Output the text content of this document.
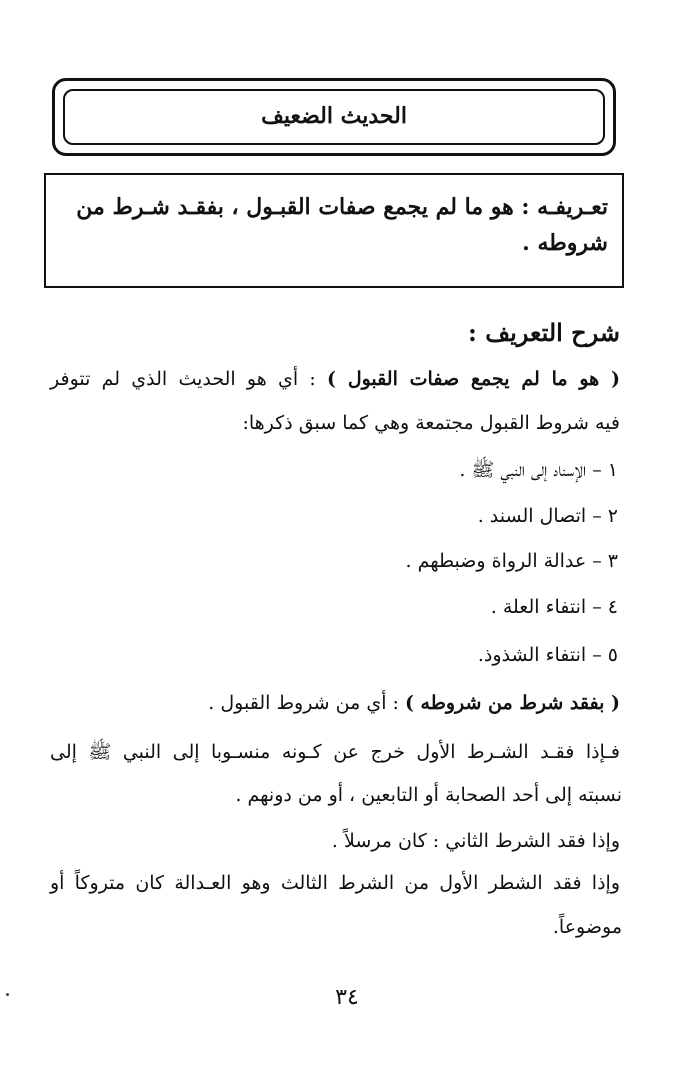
الحديث الضعيف
تعـريفـه : هو ما لم يجمع صفات القبـول ، بفقـد شـرط من
شروطه .
شرح التعريف :
( هو ما لم يجمع صفات القبول ) : أي هو الحديث الذي لم تتوفر
فيه شروط القبول مجتمعة وهي كما سبق ذكرها:
١ – الإسناد إلى النبي ﷺ .
٢ – اتصال السند .
٣ – عدالة الرواة وضبطهم .
٤ – انتفاء العلة .
٥ – انتفاء الشذوذ.
( بفقد شرط من شروطه ) : أي من شروط القبول .
فـإذا فقـد الشـرط الأول خرج عن كـونه منسـوبا إلى النبي ﷺ إلى
نسبته إلى أحد الصحابة أو التابعين ، أو من دونهم .
وإذا فقد الشرط الثاني : كان مرسلاً .
وإذا فقد الشطر الأول من الشرط الثالث وهو العـدالة كان متروكاً أو
موضوعاً.
٣٤
